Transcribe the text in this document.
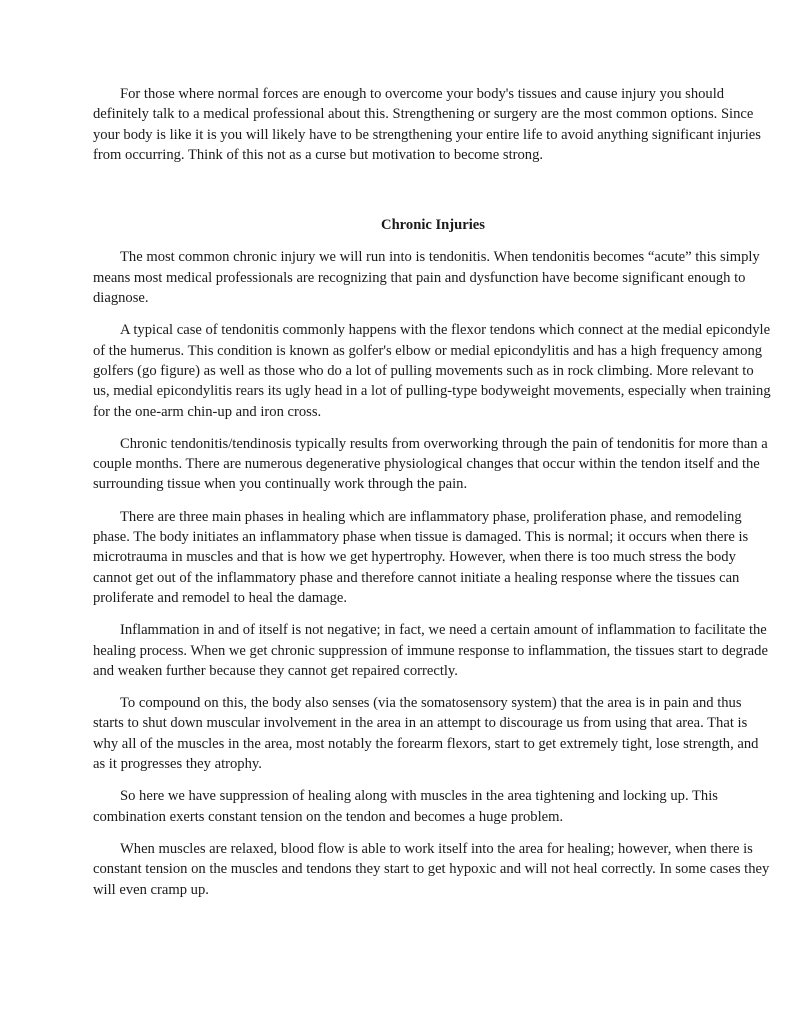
For those where normal forces are enough to overcome your body's tissues and cause injury you should definitely talk to a medical professional about this. Strengthening or surgery are the most common options. Since your body is like it is you will likely have to be strengthening your entire life to avoid anything significant injuries from occurring. Think of this not as a curse but motivation to become strong.

Chronic Injuries

The most common chronic injury we will run into is tendonitis. When tendonitis becomes “acute” this simply means most medical professionals are recognizing that pain and dysfunction have become significant enough to diagnose.

A typical case of tendonitis commonly happens with the flexor tendons which connect at the medial epicondyle of the humerus. This condition is known as golfer's elbow or medial epicondylitis and has a high frequency among golfers (go figure) as well as those who do a lot of pulling movements such as in rock climbing. More relevant to us, medial epicondylitis rears its ugly head in a lot of pulling-type bodyweight movements, especially when training for the one-arm chin-up and iron cross.

Chronic tendonitis/tendinosis typically results from overworking through the pain of tendonitis for more than a couple months. There are numerous degenerative physiological changes that occur within the tendon itself and the surrounding tissue when you continually work through the pain.

There are three main phases in healing which are inflammatory phase, proliferation phase, and remodeling phase. The body initiates an inflammatory phase when tissue is damaged. This is normal; it occurs when there is microtrauma in muscles and that is how we get hypertrophy. However, when there is too much stress the body cannot get out of the inflammatory phase and therefore cannot initiate a healing response where the tissues can proliferate and remodel to heal the damage.

Inflammation in and of itself is not negative; in fact, we need a certain amount of inflammation to facilitate the healing process. When we get chronic suppression of immune response to inflammation, the tissues start to degrade and weaken further because they cannot get repaired correctly.

To compound on this, the body also senses (via the somatosensory system) that the area is in pain and thus starts to shut down muscular involvement in the area in an attempt to discourage us from using that area. That is why all of the muscles in the area, most notably the forearm flexors, start to get extremely tight, lose strength, and as it progresses they atrophy.

So here we have suppression of healing along with muscles in the area tightening and locking up. This combination exerts constant tension on the tendon and becomes a huge problem.

When muscles are relaxed, blood flow is able to work itself into the area for healing; however, when there is constant tension on the muscles and tendons they start to get hypoxic and will not heal correctly. In some cases they will even cramp up.
